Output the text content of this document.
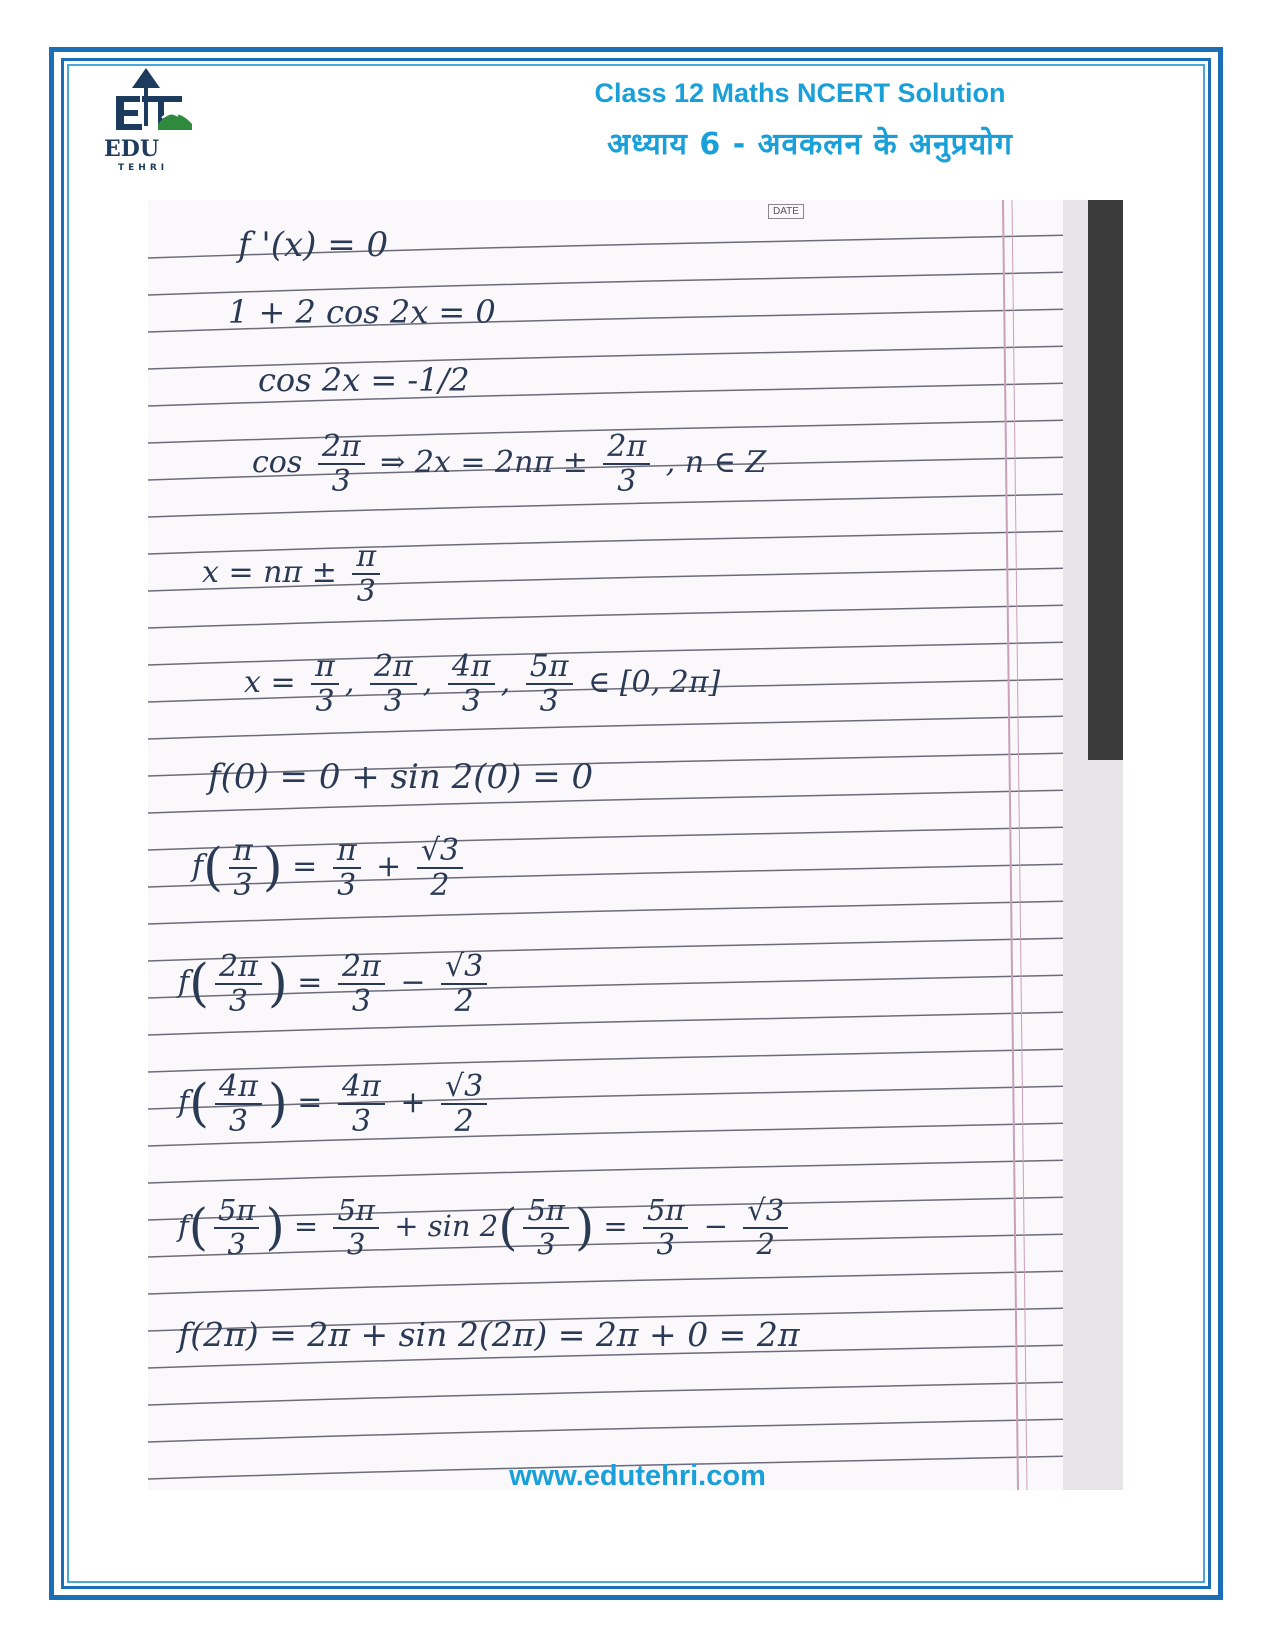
EDU
TEHRI
Class 12 Maths NCERT Solution
अध्याय 6 - अवकलन के अनुप्रयोग
DATE
f '(x) = 0
1 + 2 cos 2x = 0
cos 2x = -1/2
$\cos \frac{2\pi}{3}$ ⇒ $2x = 2n\pi \pm \frac{2\pi}{3}$ , n ∈ Z
$x = n\pi \pm \frac{\pi}{3}$
$x = \frac{\pi}{3}$ , $\frac{2\pi}{3}$ , $\frac{4\pi}{3}$ , $\frac{5\pi}{3}$ ∈ [0, 2π]
f(0) = 0 + sin 2(0) = 0
$f( \frac{\pi}{3}$ ) = $\frac{\pi}{3} + \frac{√3}{2}$
$f( \frac{2\pi}{3}$ ) = $\frac{2\pi}{3} - \frac{√3}{2}$
$f( \frac{4\pi}{3}$ ) = $\frac{4\pi}{3} + \frac{√3}{2}$
$f( \frac{5\pi}{3}$ ) = $\frac{5\pi}{3} + \sin 2( \frac{5\pi}{3}$ ) = $\frac{5\pi}{3} - \frac{√3}{2}$
f(2π) = 2π + sin 2(2π) = 2π + 0 = 2π
www.edutehri.com
